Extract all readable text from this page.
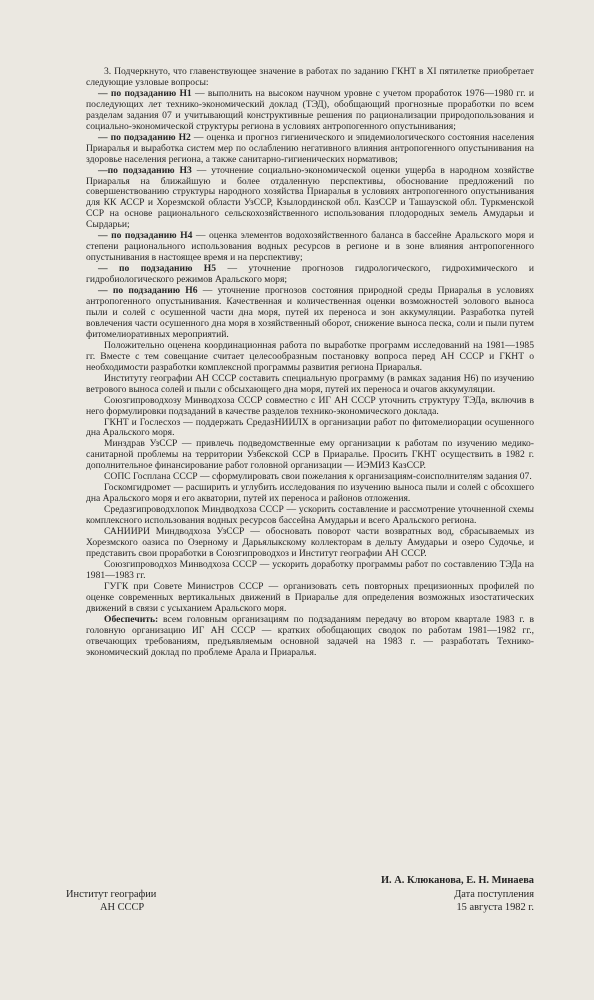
3. Подчеркнуто, что главенствующее значение в работах по заданию ГКНТ в XI пятилетке приобретает следующие узловые вопросы:

— по подзаданию Н1 — выполнить на высоком научном уровне с учетом проработок 1976—1980 гг. и последующих лет технико-экономический доклад (ТЭД), обобщающий прогнозные проработки по всем разделам задания 07 и учитывающий конструктивные решения по рационализации природопользования и социально-экономической структуры региона в условиях антропогенного опустынивания;

— по подзаданию Н2 — оценка и прогноз гигиенического и эпидемиологического состояния населения Приаралья и выработка систем мер по ослаблению негативного влияния антропогенного опустынивания на здоровье населения региона, а также санитарно-гигиенических нормативов;

—по подзаданию Н3 — уточнение социально-экономической оценки ущерба в народном хозяйстве Приаралья на ближайшую и более отдаленную перспективы, обоснование предложений по совершенствованию структуры народного хозяйства Приаралья в условиях антропогенного опустынивания для КК АССР и Хорезмской области УзССР, Кзылординской обл. КазССР и Ташаузской обл. Туркменской ССР на основе рационального сельскохозяйственного использования плодородных земель Амударьи и Сырдарьи;

— по подзаданию Н4 — оценка элементов водохозяйственного баланса в бассейне Аральского моря и степени рационального использования водных ресурсов в регионе и в зоне влияния антропогенного опустынивания в настоящее время и на перспективу;

— по подзаданию Н5 — уточнение прогнозов гидрологического, гидрохимического и гидробиологического режимов Аральского моря;

— по подзаданию Н6 — уточнение прогнозов состояния природной среды Приаралья в условиях антропогенного опустынивания. Качественная и количественная оценки возможностей эолового выноса пыли и солей с осушенной части дна моря, путей их переноса и зон аккумуляции. Разработка путей вовлечения части осушенного дна моря в хозяйственный оборот, снижение выноса песка, соли и пыли путем фитомелиоративных мероприятий.

Положительно оценена координационная работа по выработке программ исследований на 1981—1985 гг. Вместе с тем совещание считает целесообразным постановку вопроса перед АН СССР и ГКНТ о необходимости разработки комплексной программы развития региона Приаралья.

Институту географии АН СССР составить специальную программу (в рамках задания Н6) по изучению ветрового выноса солей и пыли с обсыхающего дна моря, путей их переноса и очагов аккумуляции.

Союзгипроводхозу Минводхоза СССР совместно с ИГ АН СССР уточнить структуру ТЭДа, включив в него формулировки подзаданий в качестве разделов технико-экономического доклада.

ГКНТ и Гослесхоз — поддержать СредазНИИЛХ в организации работ по фитомелиорации осушенного дна Аральского моря.

Минздрав УзССР — привлечь подведомственные ему организации к работам по изучению медико-санитарной проблемы на территории Узбекской ССР в Приаралье. Просить ГКНТ осуществить в 1982 г. дополнительное финансирование работ головной организации — ИЭМИЗ КазССР.

СОПС Госплана СССР — сформулировать свои пожелания к организациям-соисполнителям задания 07.

Госкомгидромет — расширить и углубить исследования по изучению выноса пыли и солей с обсохшего дна Аральского моря и его акватории, путей их переноса и районов отложения.

Средазгипроводхлопок Миндводхоза СССР — ускорить составление и рассмотрение уточненной схемы комплексного использования водных ресурсов бассейна Амударьи и всего Аральского региона.

САНИИРИ Миндводхоза УзССР — обосновать поворот части возвратных вод, сбрасываемых из Хорезмского оазиса по Озерному и Дарьялыкскому коллекторам в дельту Амударьи и озеро Судочье, и представить свои проработки в Союзгипроводхоз и Институт географии АН СССР.

Союзгипроводхоз Минводхоза СССР — ускорить доработку программы работ по составлению ТЭДа на 1981—1983 гг.

ГУГК при Совете Министров СССР — организовать сеть повторных прецизионных профилей по оценке современных вертикальных движений в Приаралье для определения возможных изостатических движений в связи с усыханием Аральского моря.

Обеспечить: всем головным организациям по подзаданиям передачу во втором квартале 1983 г. в головную организацию ИГ АН СССР — кратких обобщающих сводок по работам 1981—1982 гг., отвечающих требованиям, предъявляемым основной задачей на 1983 г. — разработать Технико-экономический доклад по проблеме Арала и Приаралья.

И. А. Клюканова, Е. Н. Минаева
Институт географии
АН СССР
Дата поступления
15 августа 1982 г.
